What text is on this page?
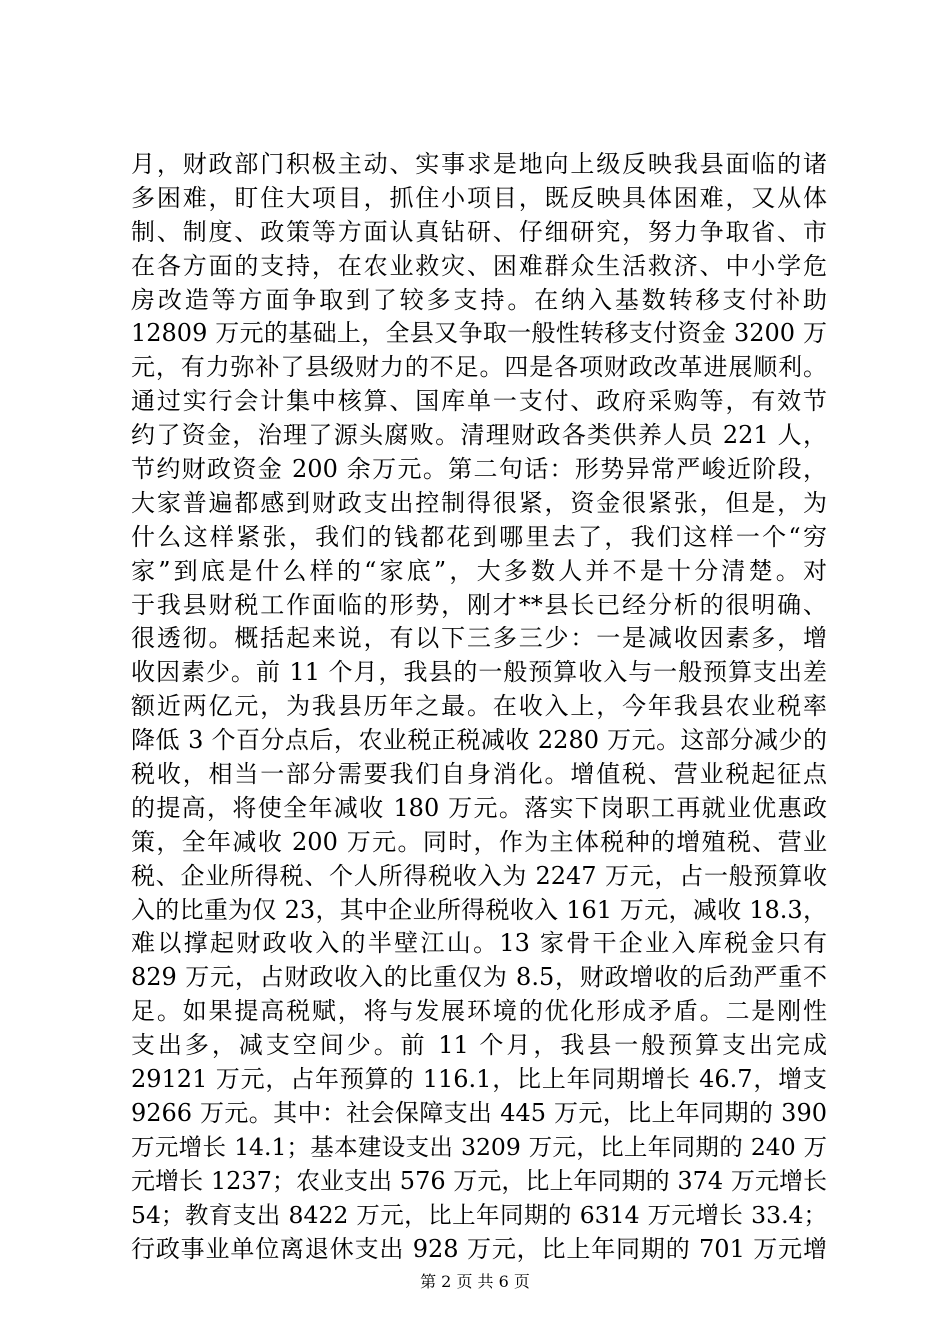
月，财政部门积极主动、实事求是地向上级反映我县面临的诸
多困难，盯住大项目，抓住小项目，既反映具体困难，又从体
制、制度、政策等方面认真钻研、仔细研究，努力争取省、市
在各方面的支持，在农业救灾、困难群众生活救济、中小学危
房改造等方面争取到了较多支持。在纳入基数转移支付补助
12809 万元的基础上，全县又争取一般性转移支付资金 3200 万
元，有力弥补了县级财力的不足。四是各项财政改革进展顺利。
通过实行会计集中核算、国库单一支付、政府采购等，有效节
约了资金，治理了源头腐败。清理财政各类供养人员 221 人，
节约财政资金 200 余万元。第二句话：形势异常严峻近阶段，
大家普遍都感到财政支出控制得很紧，资金很紧张，但是，为
什么这样紧张，我们的钱都花到哪里去了，我们这样一个“穷
家”到底是什么样的“家底”，大多数人并不是十分清楚。对
于我县财税工作面临的形势，刚才**县长已经分析的很明确、
很透彻。概括起来说，有以下三多三少：一是减收因素多，增
收因素少。前 11 个月，我县的一般预算收入与一般预算支出差
额近两亿元，为我县历年之最。在收入上，今年我县农业税率
降低 3 个百分点后，农业税正税减收 2280 万元。这部分减少的
税收，相当一部分需要我们自身消化。增值税、营业税起征点
的提高，将使全年减收 180 万元。落实下岗职工再就业优惠政
策，全年减收 200 万元。同时，作为主体税种的增殖税、营业
税、企业所得税、个人所得税收入为 2247 万元，占一般预算收
入的比重为仅 23，其中企业所得税收入 161 万元，减收 18.3，
难以撑起财政收入的半壁江山。13 家骨干企业入库税金只有
829 万元，占财政收入的比重仅为 8.5，财政增收的后劲严重不
足。如果提高税赋，将与发展环境的优化形成矛盾。二是刚性
支出多，减支空间少。前 11 个月，我县一般预算支出完成
29121 万元，占年预算的 116.1，比上年同期增长 46.7，增支
9266 万元。其中：社会保障支出 445 万元，比上年同期的 390
万元增长 14.1；基本建设支出 3209 万元，比上年同期的 240 万
元增长 1237；农业支出 576 万元，比上年同期的 374 万元增长
54；教育支出 8422 万元，比上年同期的 6314 万元增长 33.4；
行政事业单位离退休支出 928 万元，比上年同期的 701 万元增
第 2 页 共 6 页
